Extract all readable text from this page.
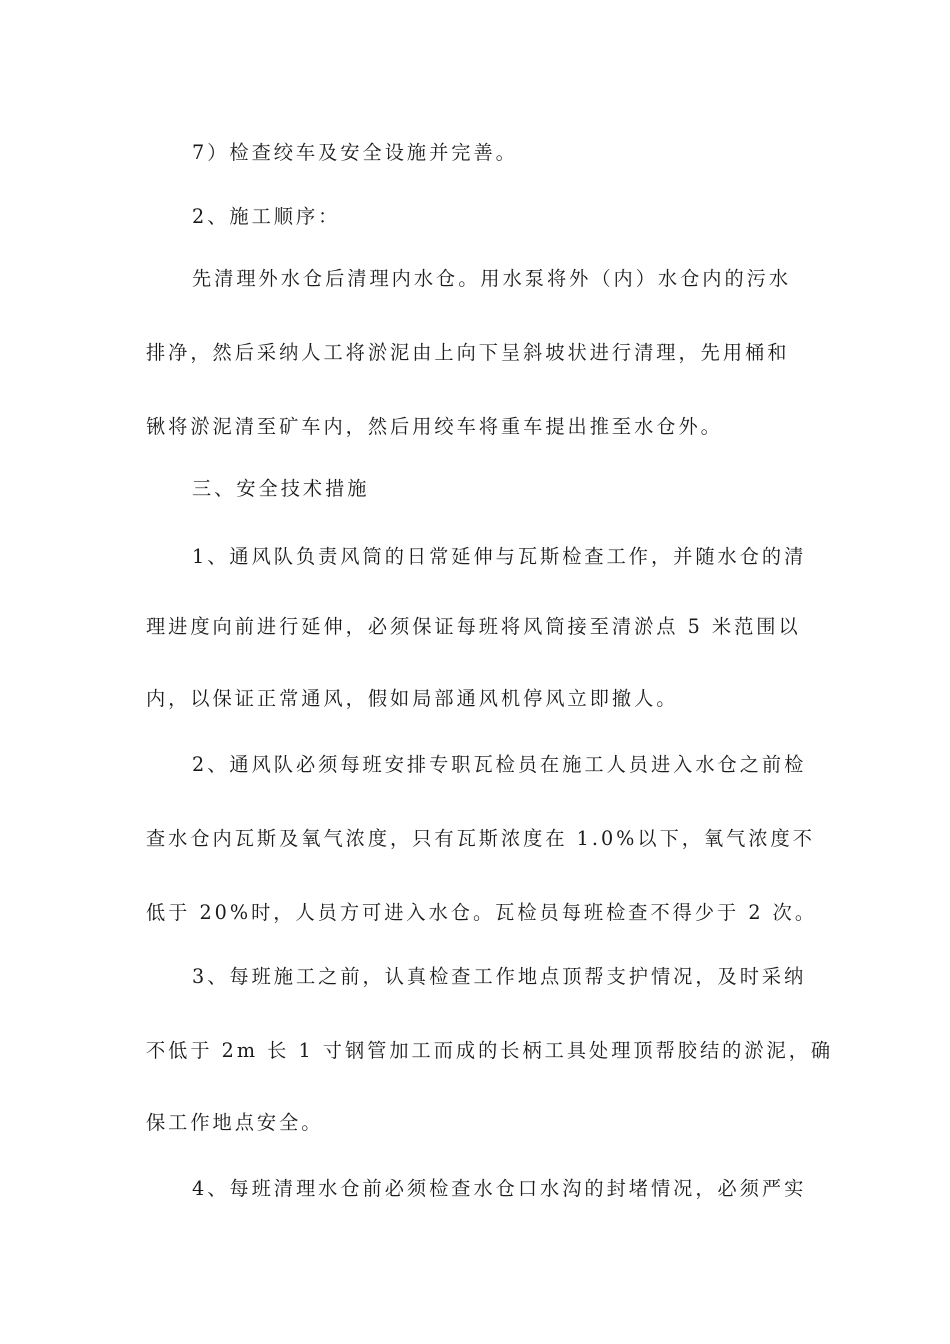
7）检查绞车及安全设施并完善。
2、施工顺序：
先清理外水仓后清理内水仓。用水泵将外（内）水仓内的污水
排净，然后采纳人工将淤泥由上向下呈斜坡状进行清理，先用桶和
锹将淤泥清至矿车内，然后用绞车将重车提出推至水仓外。
三、安全技术措施
1、通风队负责风筒的日常延伸与瓦斯检查工作，并随水仓的清
理进度向前进行延伸，必须保证每班将风筒接至清淤点 5 米范围以
内，以保证正常通风，假如局部通风机停风立即撤人。
2、通风队必须每班安排专职瓦检员在施工人员进入水仓之前检
查水仓内瓦斯及氧气浓度，只有瓦斯浓度在 1.0%以下，氧气浓度不
低于 20%时，人员方可进入水仓。瓦检员每班检查不得少于 2 次。
3、每班施工之前，认真检查工作地点顶帮支护情况，及时采纳
不低于 2m 长 1 寸钢管加工而成的长柄工具处理顶帮胶结的淤泥，确
保工作地点安全。
4、每班清理水仓前必须检查水仓口水沟的封堵情况，必须严实
